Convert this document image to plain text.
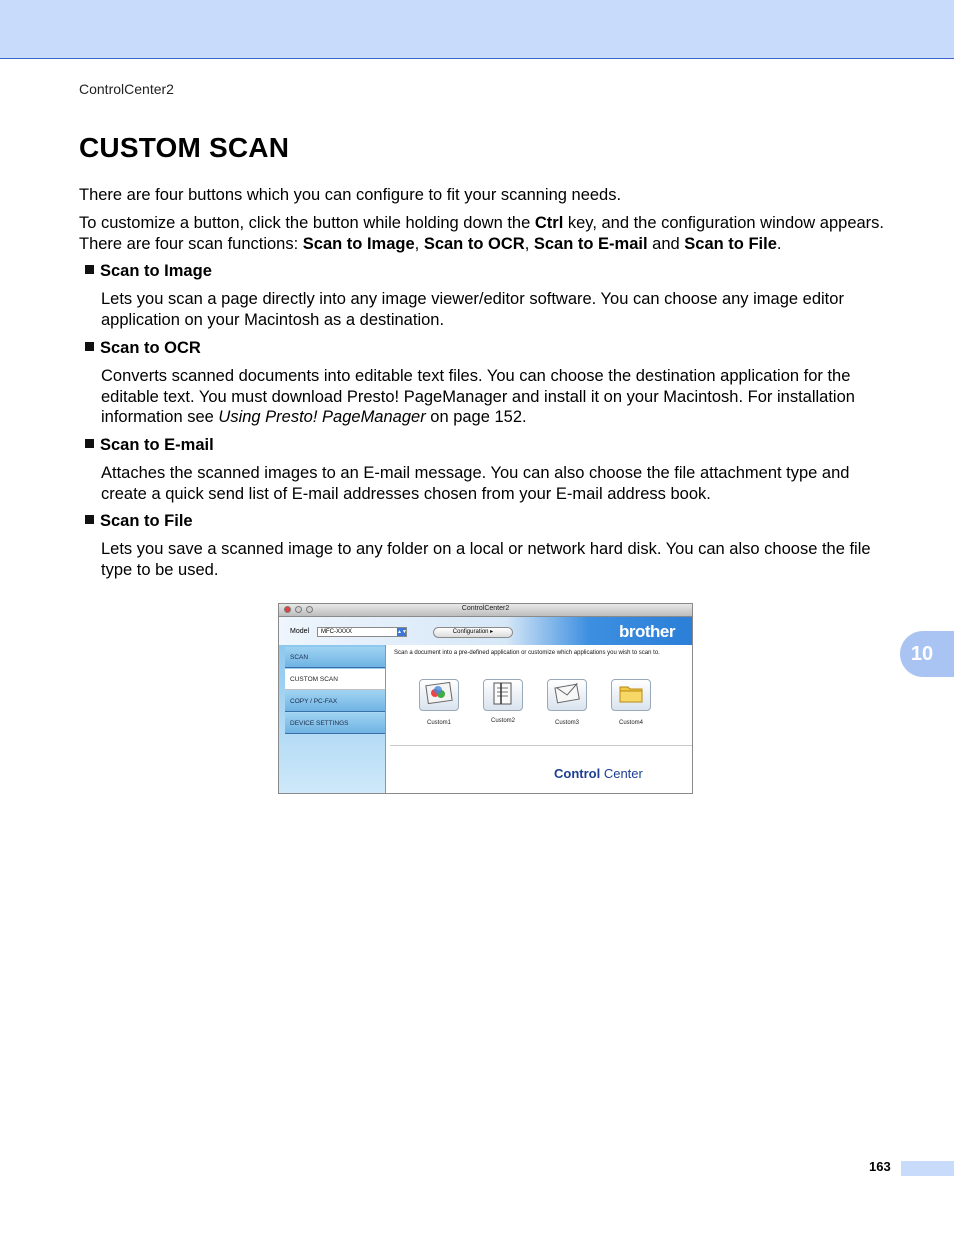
ControlCenter2
CUSTOM SCAN

There are four buttons which you can configure to fit your scanning needs.

To customize a button, click the button while holding down the Ctrl key, and the configuration window appears. There are four scan functions: Scan to Image, Scan to OCR, Scan to E-mail and Scan to File.

Scan to Image

Lets you scan a page directly into any image viewer/editor software. You can choose any image editor application on your Macintosh as a destination.

Scan to OCR

Converts scanned documents into editable text files. You can choose the destination application for the editable text. You must download Presto! PageManager and install it on your Macintosh. For installation information see Using Presto! PageManager on page 152.

Scan to E-mail

Attaches the scanned images to an E-mail message. You can also choose the file attachment type and create a quick send list of E-mail addresses chosen from your E-mail address book.

Scan to File

Lets you save a scanned image to any folder on a local or network hard disk. You can also choose the file type to be used.

ControlCenter2
Model	MFC-XXXX	▲▼	Configuration ▸	brother
SCAN
CUSTOM SCAN
COPY / PC-FAX
DEVICE SETTINGS
Scan a document into a pre-defined application or customize which applications you wish to scan to.
Custom1	Custom2	Custom3	Custom4
Control Center
10
163
